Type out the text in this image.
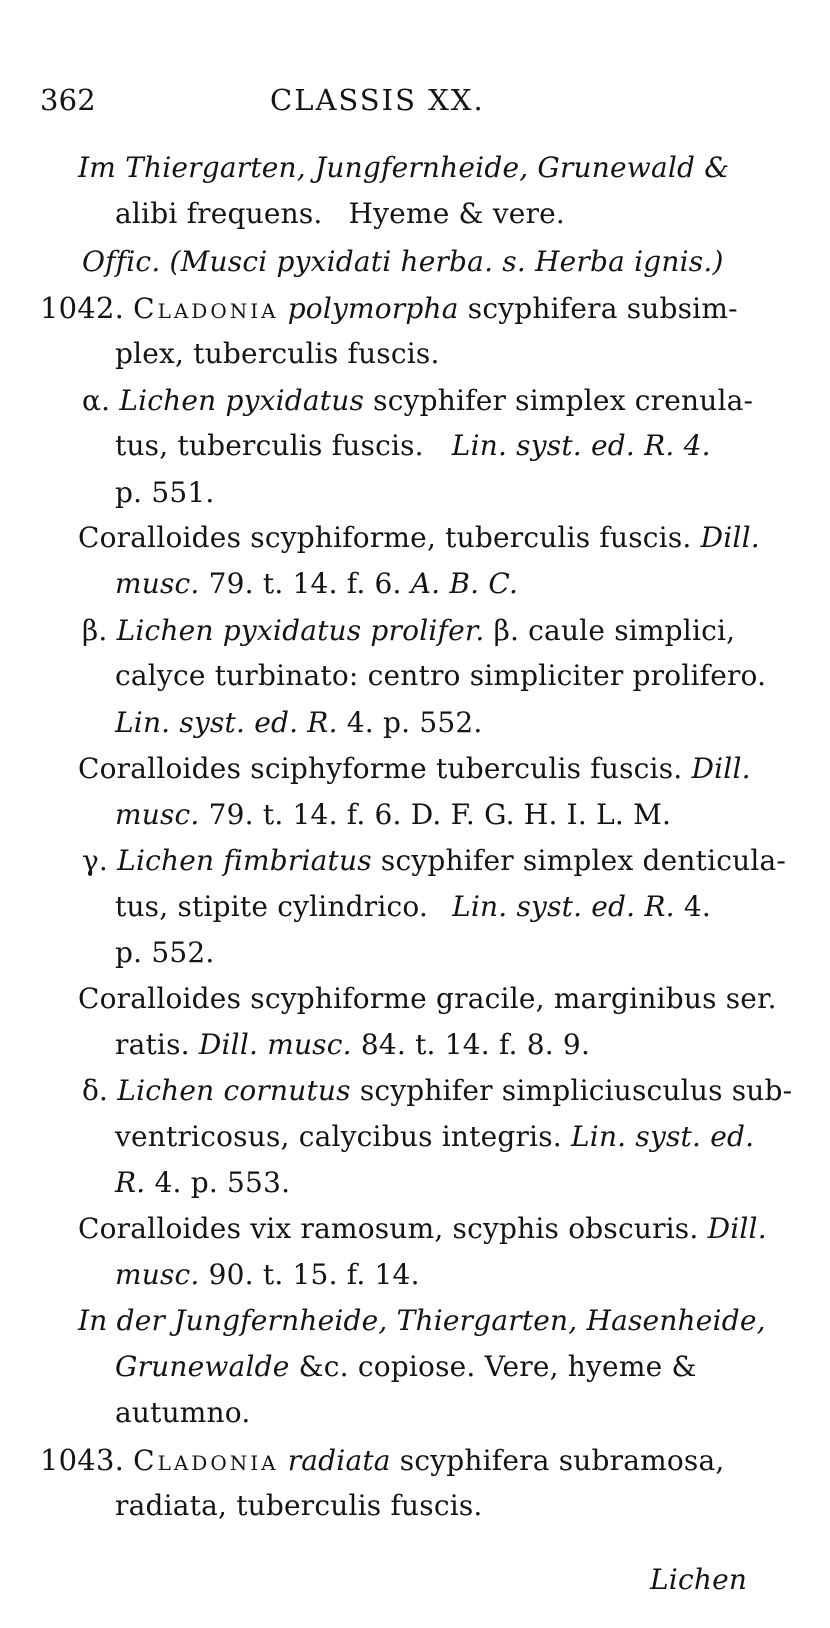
362	CLASSIS XX.
Im Thiergarten, Jungfernheide, Grunewald &
alibi frequens. Hyeme & vere.
Offic. (Musci pyxidati herba. s. Herba ignis.)
1042. Cladonia polymorpha scyphifera subsim-
plex, tuberculis fuscis.
α. Lichen pyxidatus scyphifer simplex crenula-
tus, tuberculis fuscis. Lin. syst. ed. R. 4.
p. 551.
Coralloides scyphiforme, tuberculis fuscis. Dill.
musc. 79. t. 14. f. 6. A. B. C.
β. Lichen pyxidatus prolifer. β. caule simplici,
calyce turbinato: centro simpliciter prolifero.
Lin. syst. ed. R. 4. p. 552.
Coralloides sciphyforme tuberculis fuscis. Dill.
musc. 79. t. 14. f. 6. D. F. G. H. I. L. M.
γ. Lichen fimbriatus scyphifer simplex denticula-
tus, stipite cylindrico. Lin. syst. ed. R. 4.
p. 552.
Coralloides scyphiforme gracile, marginibus ser.
ratis. Dill. musc. 84. t. 14. f. 8. 9.
δ. Lichen cornutus scyphifer simpliciusculus sub-
ventricosus, calycibus integris. Lin. syst. ed.
R. 4. p. 553.
Coralloides vix ramosum, scyphis obscuris. Dill.
musc. 90. t. 15. f. 14.
In der Jungfernheide, Thiergarten, Hasenheide,
Grunewalde &c. copiose. Vere, hyeme &
autumno.
1043. Cladonia radiata scyphifera subramosa,
radiata, tuberculis fuscis.
Lichen
